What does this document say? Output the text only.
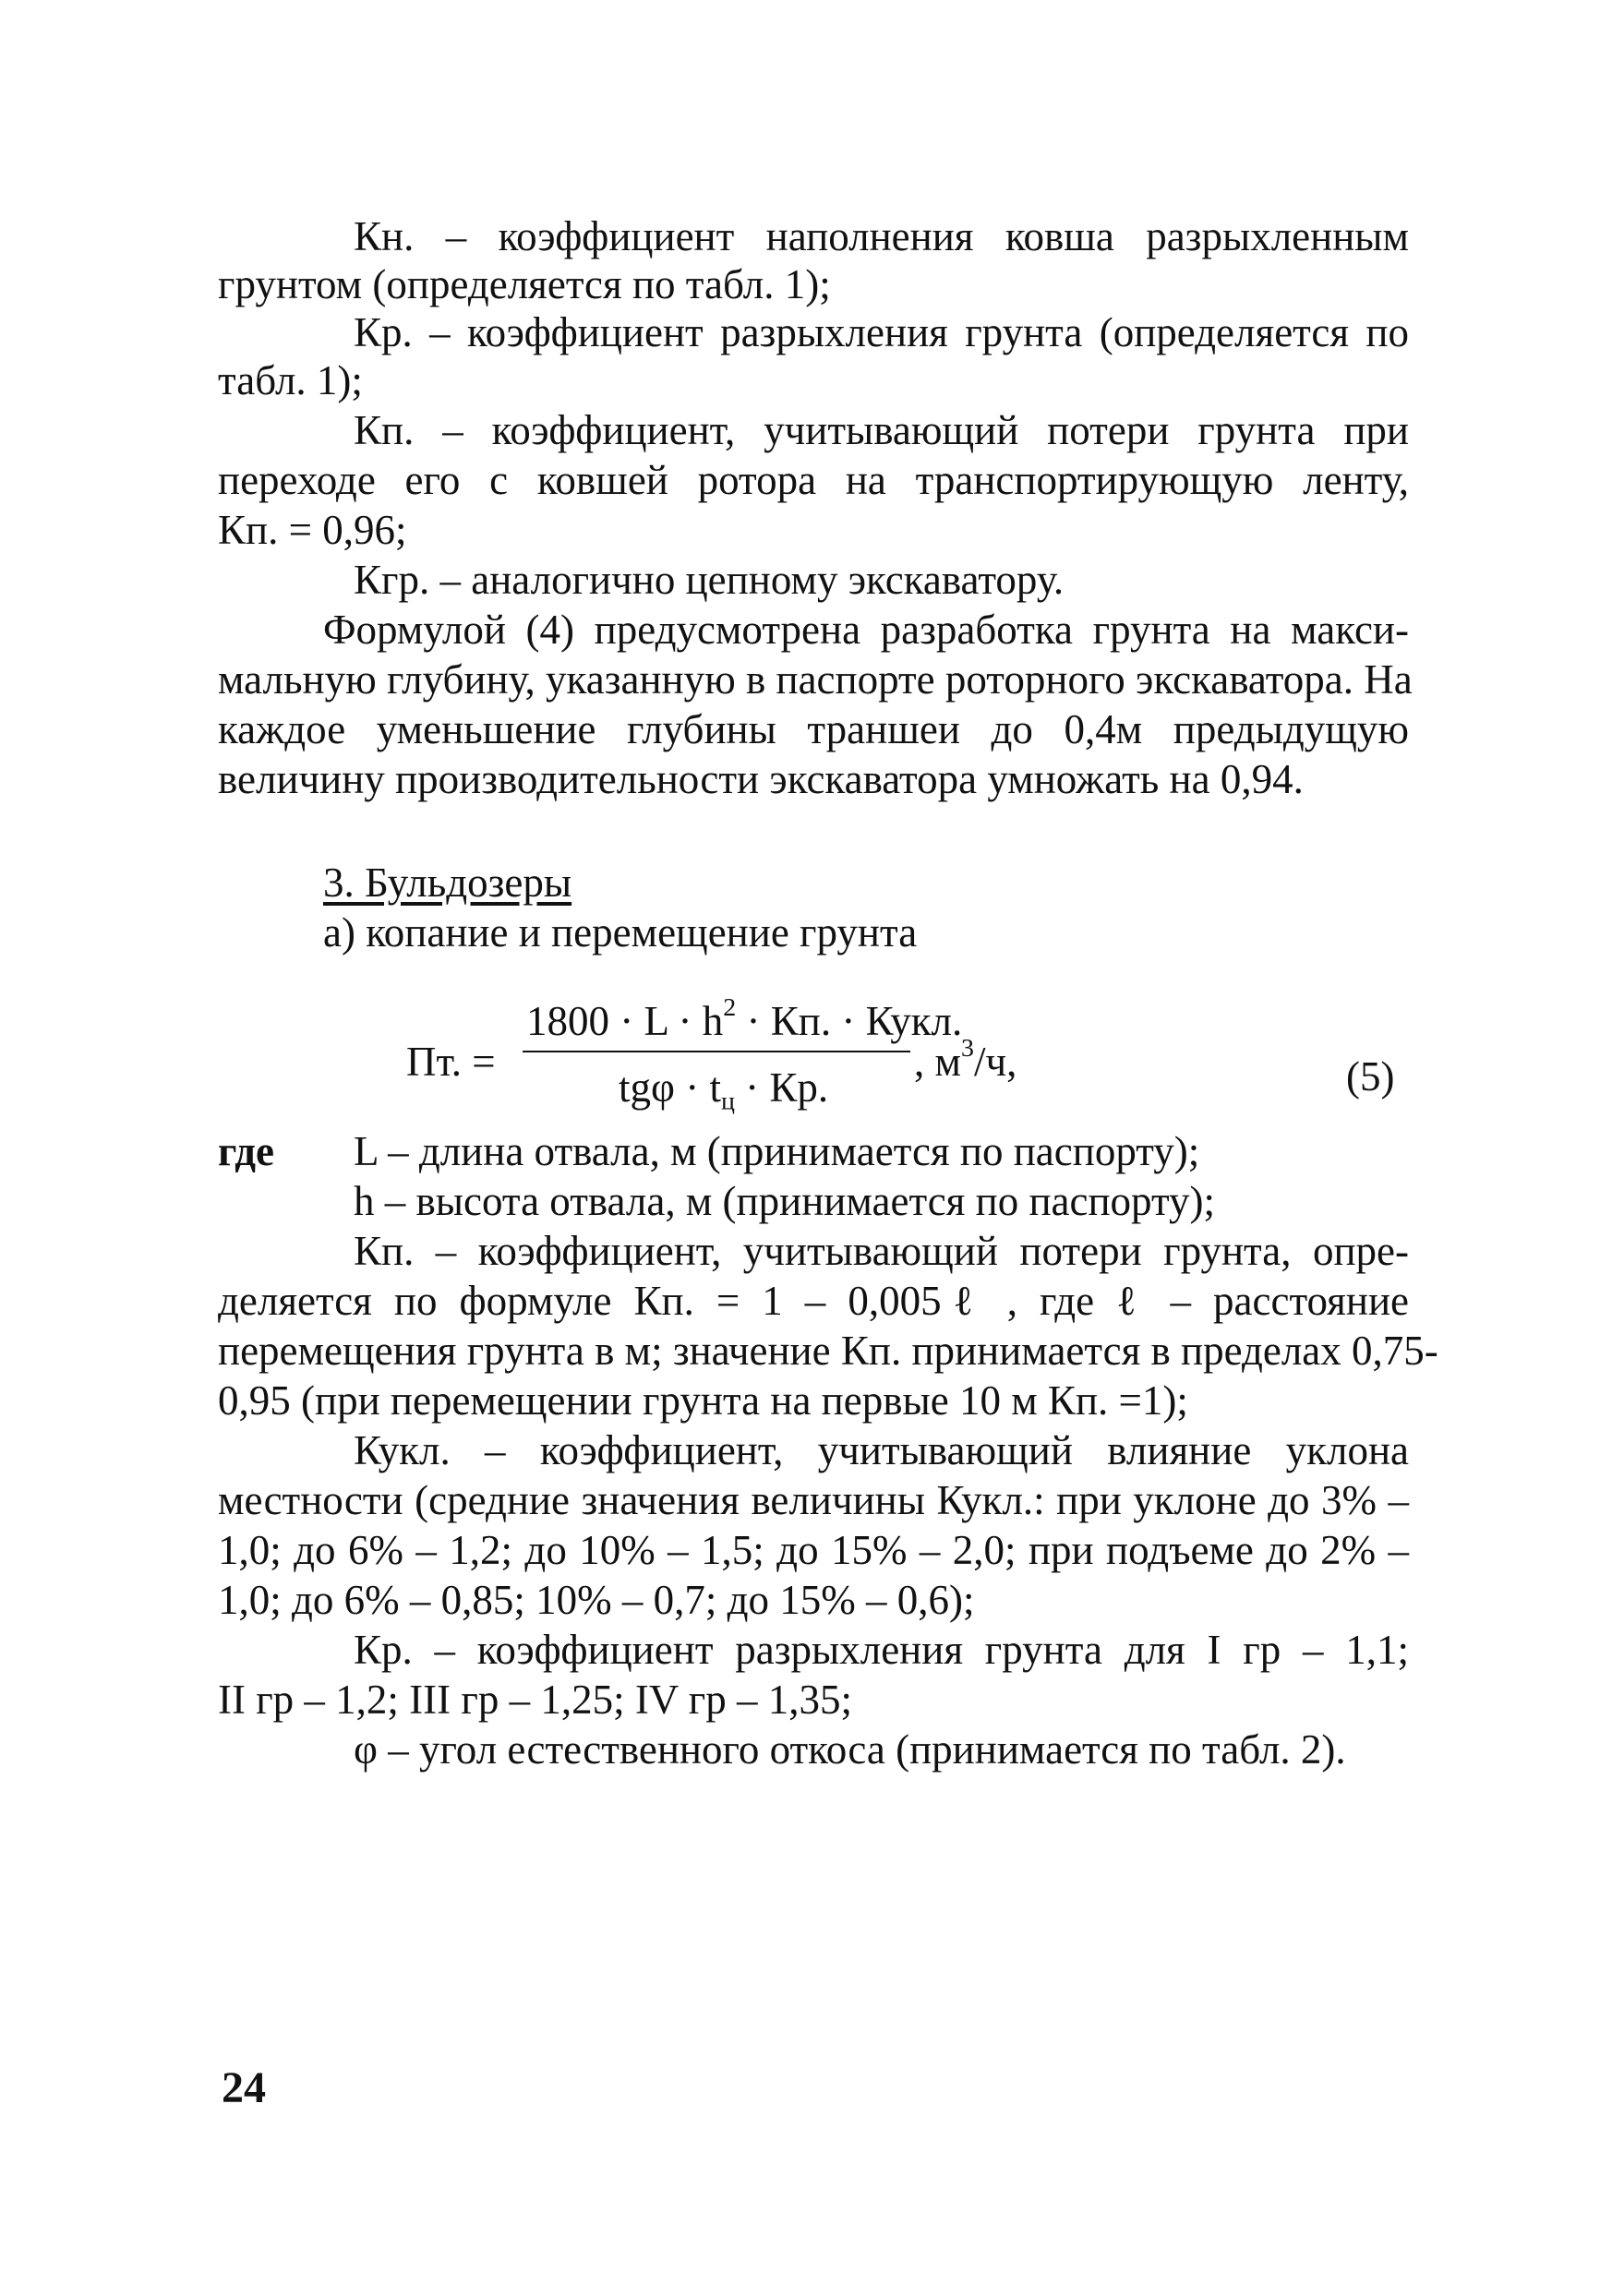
Кн. – коэффициент наполнения ковша разрыхленным
грунтом (определяется по табл. 1);
Кр. – коэффициент разрыхления грунта (определяется по
табл. 1);
Кп. – коэффициент, учитывающий потери грунта при
переходе его с ковшей ротора на транспортирующую ленту,
Кп. = 0,96;
Кгр. – аналогично цепному экскаватору.
Формулой (4) предусмотрена разработка грунта на макси-
мальную глубину, указанную в паспорте роторного экскаватора. На
каждое уменьшение глубины траншеи до 0,4м предыдущую
величину производительности экскаватора умножать на 0,94.
3. Бульдозеры
а) копание и перемещение грунта
Пт. =
$1800 \cdot L \cdot h^2$ · Кп. · Кукл.
$tg\varphi \cdot t_ц$ · Кр.
, $м^3/ч$,	(5)
где L – длина отвала, м (принимается по паспорту);
h – высота отвала, м (принимается по паспорту);
Кп. – коэффициент, учитывающий потери грунта, опре-
деляется по формуле Кп. = 1 – 0,005ℓ , где ℓ – расстояние
перемещения грунта в м; значение Кп. принимается в пределах 0,75-
0,95 (при перемещении грунта на первые 10 м Кп. =1);
Кукл. – коэффициент, учитывающий влияние уклона
местности (средние значения величины Кукл.: при уклоне до 3% –
1,0; до 6% – 1,2; до 10% – 1,5; до 15% – 2,0; при подъеме до 2% –
1,0; до 6% – 0,85; 10% – 0,7; до 15% – 0,6);
Кр. – коэффициент разрыхления грунта для I гр – 1,1;
II гр – 1,2; III гр – 1,25; IV гр – 1,35;
φ – угол естественного откоса (принимается по табл. 2).
24
